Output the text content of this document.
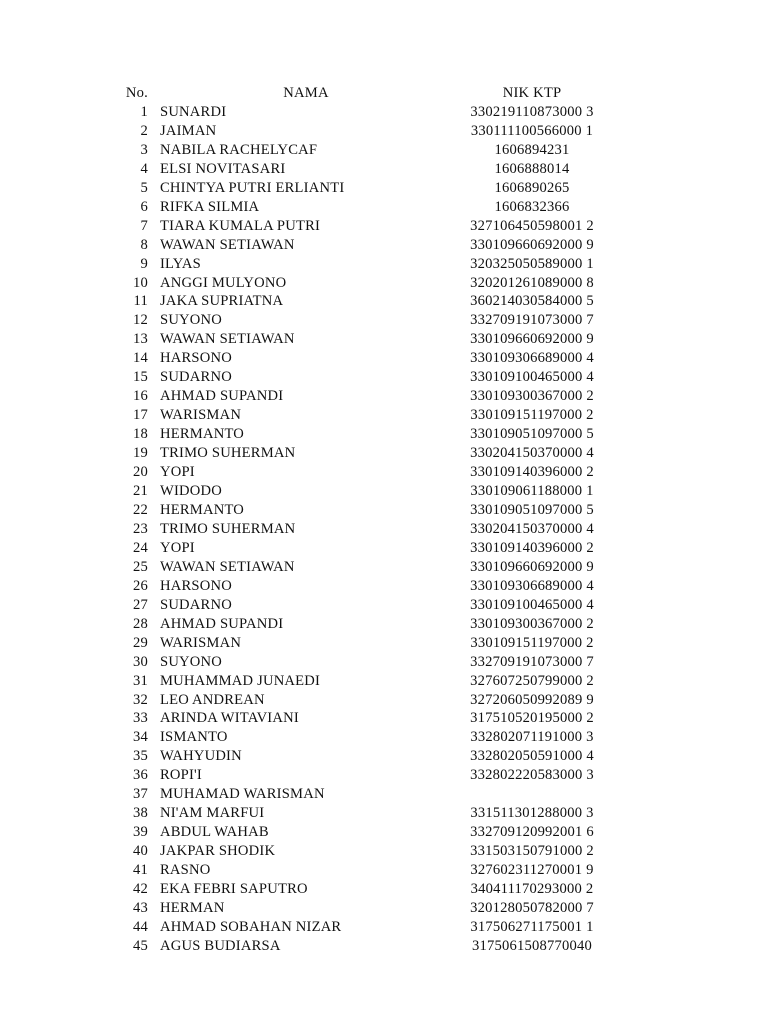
No.		NAMA	NIK KTP
1		SUNARDI	330219110873000 3
2		JAIMAN	330111100566000 1
3		NABILA RACHELYCAF	1606894231
4		ELSI NOVITASARI	1606888014
5		CHINTYA PUTRI ERLIANTI	1606890265
6		RIFKA SILMIA	1606832366
7		TIARA KUMALA PUTRI	327106450598001 2
8		WAWAN SETIAWAN	330109660692000 9
9		ILYAS	320325050589000 1
10		ANGGI MULYONO	320201261089000 8
11		JAKA SUPRIATNA	360214030584000 5
12		SUYONO	332709191073000 7
13		WAWAN SETIAWAN	330109660692000 9
14		HARSONO	330109306689000 4
15		SUDARNO	330109100465000 4
16		AHMAD SUPANDI	330109300367000 2
17		WARISMAN	330109151197000 2
18		HERMANTO	330109051097000 5
19		TRIMO SUHERMAN	330204150370000 4
20		YOPI	330109140396000 2
21		WIDODO	330109061188000 1
22		HERMANTO	330109051097000 5
23		TRIMO SUHERMAN	330204150370000 4
24		YOPI	330109140396000 2
25		WAWAN SETIAWAN	330109660692000 9
26		HARSONO	330109306689000 4
27		SUDARNO	330109100465000 4
28		AHMAD SUPANDI	330109300367000 2
29		WARISMAN	330109151197000 2
30		SUYONO	332709191073000 7
31		MUHAMMAD JUNAEDI	327607250799000 2
32		LEO ANDREAN	327206050992089 9
33		ARINDA WITAVIANI	317510520195000 2
34		ISMANTO	332802071191000 3
35		WAHYUDIN	332802050591000 4
36		ROPI'I	332802220583000 3
37		MUHAMAD WARISMAN	
38		NI'AM MARFUI	331511301288000 3
39		ABDUL WAHAB	332709120992001 6
40		JAKPAR SHODIK	331503150791000 2
41		RASNO	327602311270001 9
42		EKA FEBRI SAPUTRO	340411170293000 2
43		HERMAN	320128050782000 7
44		AHMAD SOBAHAN NIZAR	317506271175001 1
45		AGUS BUDIARSA	3175061508770040
